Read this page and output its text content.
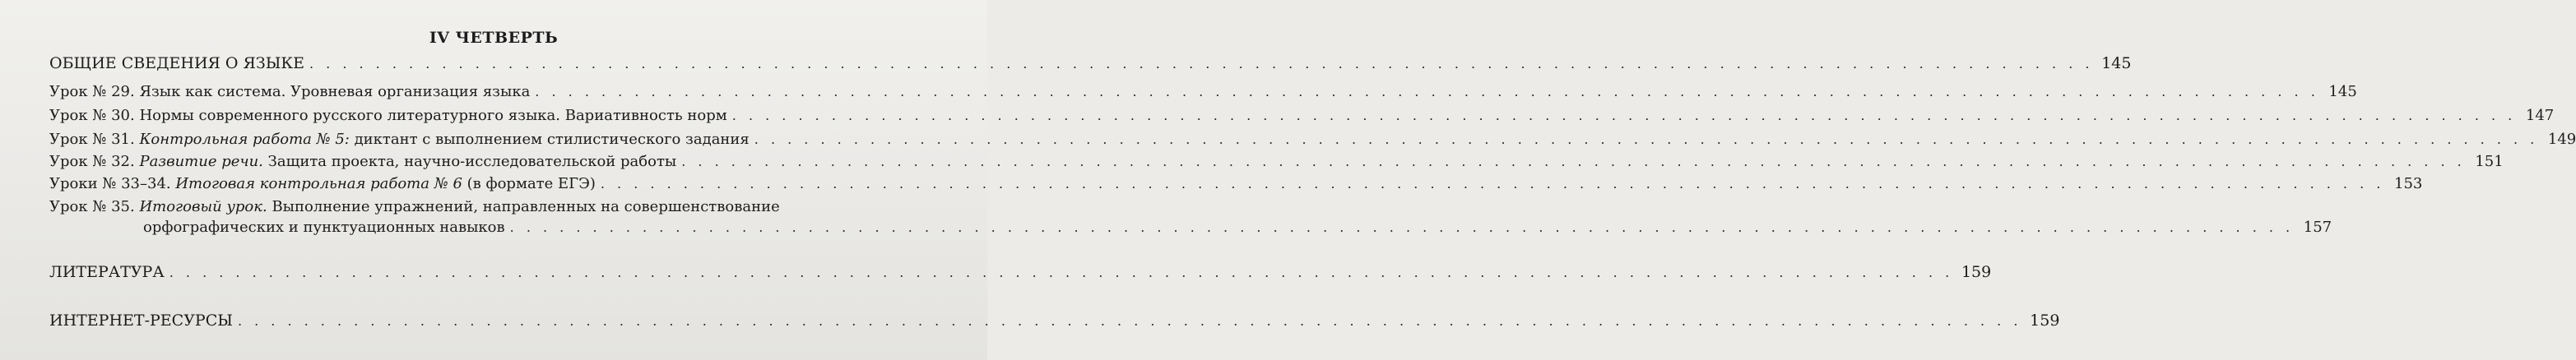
IV ЧЕТВЕРТЬ
ОБЩИЕ СВЕДЕНИЯ О ЯЗЫКЕ . . . . . . . . . . . . . . . . . . . . . . . . . . . . . . . . . . . . . . . . . . . . . . . . . . . . . . . . . . . . . . . . . . . . . . . . . . . . . . . . . . . . . . . . . . . . . . . . . . . . . . . . . . . . 145
Урок № 29. Язык как система. Уровневая организация языка . . . . . . . . . . . . . . . . . . . . . . . . . . . . . . . . . . . . . . . . . . . . . . . . . . . . . . . . . . . . . . . . . . . . . . . . . . . . . . . . . . . . . . . . . . . . . . . . . . . . . . . . . . . . 145
Урок № 30. Нормы современного русского литературного языка. Вариативность норм . . . . . . . . . . . . . . . . . . . . . . . . . . . . . . . . . . . . . . . . . . . . . . . . . . . . . . . . . . . . . . . . . . . . . . . . . . . . . . . . . . . . . . . . . . . . . . . . . . . . . . . . . . . . 147
Урок № 31. Контрольная работа № 5: диктант с выполнением стилистического задания . . . . . . . . . . . . . . . . . . . . . . . . . . . . . . . . . . . . . . . . . . . . . . . . . . . . . . . . . . . . . . . . . . . . . . . . . . . . . . . . . . . . . . . . . . . . . . . . . . . . . . . . . . . . 149
Урок № 32. Развитие речи. Защита проекта, научно-исследовательской работы . . . . . . . . . . . . . . . . . . . . . . . . . . . . . . . . . . . . . . . . . . . . . . . . . . . . . . . . . . . . . . . . . . . . . . . . . . . . . . . . . . . . . . . . . . . . . . . . . . . . . . . . . . . . 151
Уроки № 33–34. Итоговая контрольная работа № 6 (в формате ЕГЭ) . . . . . . . . . . . . . . . . . . . . . . . . . . . . . . . . . . . . . . . . . . . . . . . . . . . . . . . . . . . . . . . . . . . . . . . . . . . . . . . . . . . . . . . . . . . . . . . . . . . . . . . . . . . . 153
Урок № 35. Итоговый урок. Выполнение упражнений, направленных на совершенствование
орфографических и пунктуационных навыков . . . . . . . . . . . . . . . . . . . . . . . . . . . . . . . . . . . . . . . . . . . . . . . . . . . . . . . . . . . . . . . . . . . . . . . . . . . . . . . . . . . . . . . . . . . . . . . . . . . . . . . . . . . . 157
ЛИТЕРАТУРА . . . . . . . . . . . . . . . . . . . . . . . . . . . . . . . . . . . . . . . . . . . . . . . . . . . . . . . . . . . . . . . . . . . . . . . . . . . . . . . . . . . . . . . . . . . . . . . . . . . . . . . . . . . . 159
ИНТЕРНЕТ-РЕСУРСЫ . . . . . . . . . . . . . . . . . . . . . . . . . . . . . . . . . . . . . . . . . . . . . . . . . . . . . . . . . . . . . . . . . . . . . . . . . . . . . . . . . . . . . . . . . . . . . . . . . . . . . . . . . . . . 159
